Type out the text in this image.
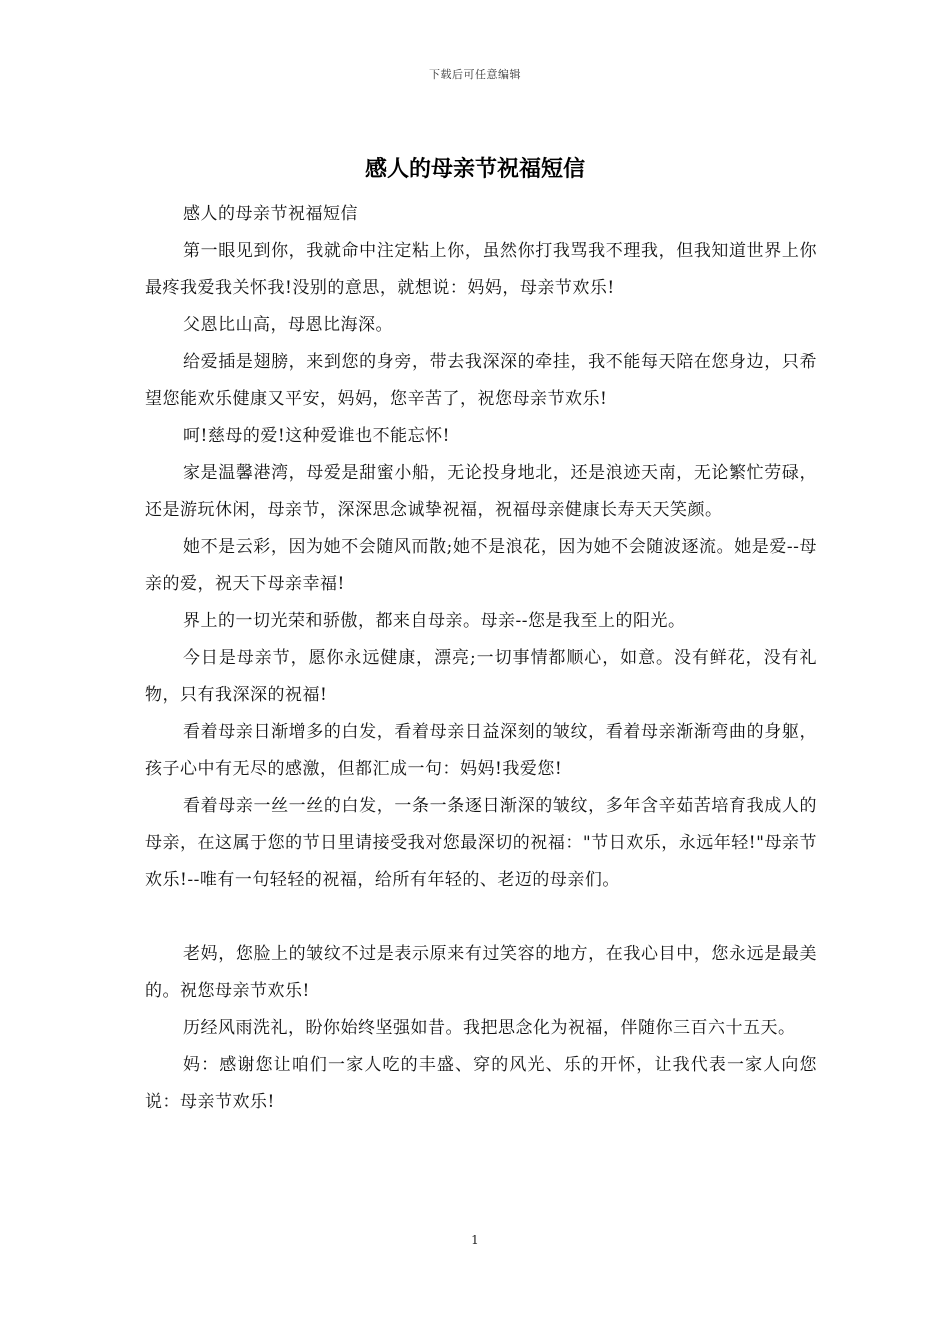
下载后可任意编辑
感人的母亲节祝福短信

感人的母亲节祝福短信

第一眼见到你，我就命中注定粘上你，虽然你打我骂我不理我，但我知道世界上你最疼我爱我关怀我!没别的意思，就想说：妈妈，母亲节欢乐!

父恩比山高，母恩比海深。

给爱插是翅膀，来到您的身旁，带去我深深的牵挂，我不能每天陪在您身边，只希望您能欢乐健康又平安，妈妈，您辛苦了，祝您母亲节欢乐!

呵!慈母的爱!这种爱谁也不能忘怀!

家是温馨港湾，母爱是甜蜜小船，无论投身地北，还是浪迹天南，无论繁忙劳碌，还是游玩休闲，母亲节，深深思念诚挚祝福，祝福母亲健康长寿天天笑颜。

她不是云彩，因为她不会随风而散;她不是浪花，因为她不会随波逐流。她是爱--母亲的爱，祝天下母亲幸福!

界上的一切光荣和骄傲，都来自母亲。母亲--您是我至上的阳光。

今日是母亲节，愿你永远健康，漂亮;一切事情都顺心，如意。没有鲜花，没有礼物，只有我深深的祝福!

看着母亲日渐增多的白发，看着母亲日益深刻的皱纹，看着母亲渐渐弯曲的身躯，孩子心中有无尽的感激，但都汇成一句：妈妈!我爱您!

看着母亲一丝一丝的白发，一条一条逐日渐深的皱纹，多年含辛茹苦培育我成人的母亲，在这属于您的节日里请接受我对您最深切的祝福："节日欢乐，永远年轻!"母亲节欢乐!--唯有一句轻轻的祝福，给所有年轻的、老迈的母亲们。

老妈，您脸上的皱纹不过是表示原来有过笑容的地方，在我心目中，您永远是最美的。祝您母亲节欢乐!

历经风雨洗礼，盼你始终坚强如昔。我把思念化为祝福，伴随你三百六十五天。

妈：感谢您让咱们一家人吃的丰盛、穿的风光、乐的开怀，让我代表一家人向您说：母亲节欢乐!

1
